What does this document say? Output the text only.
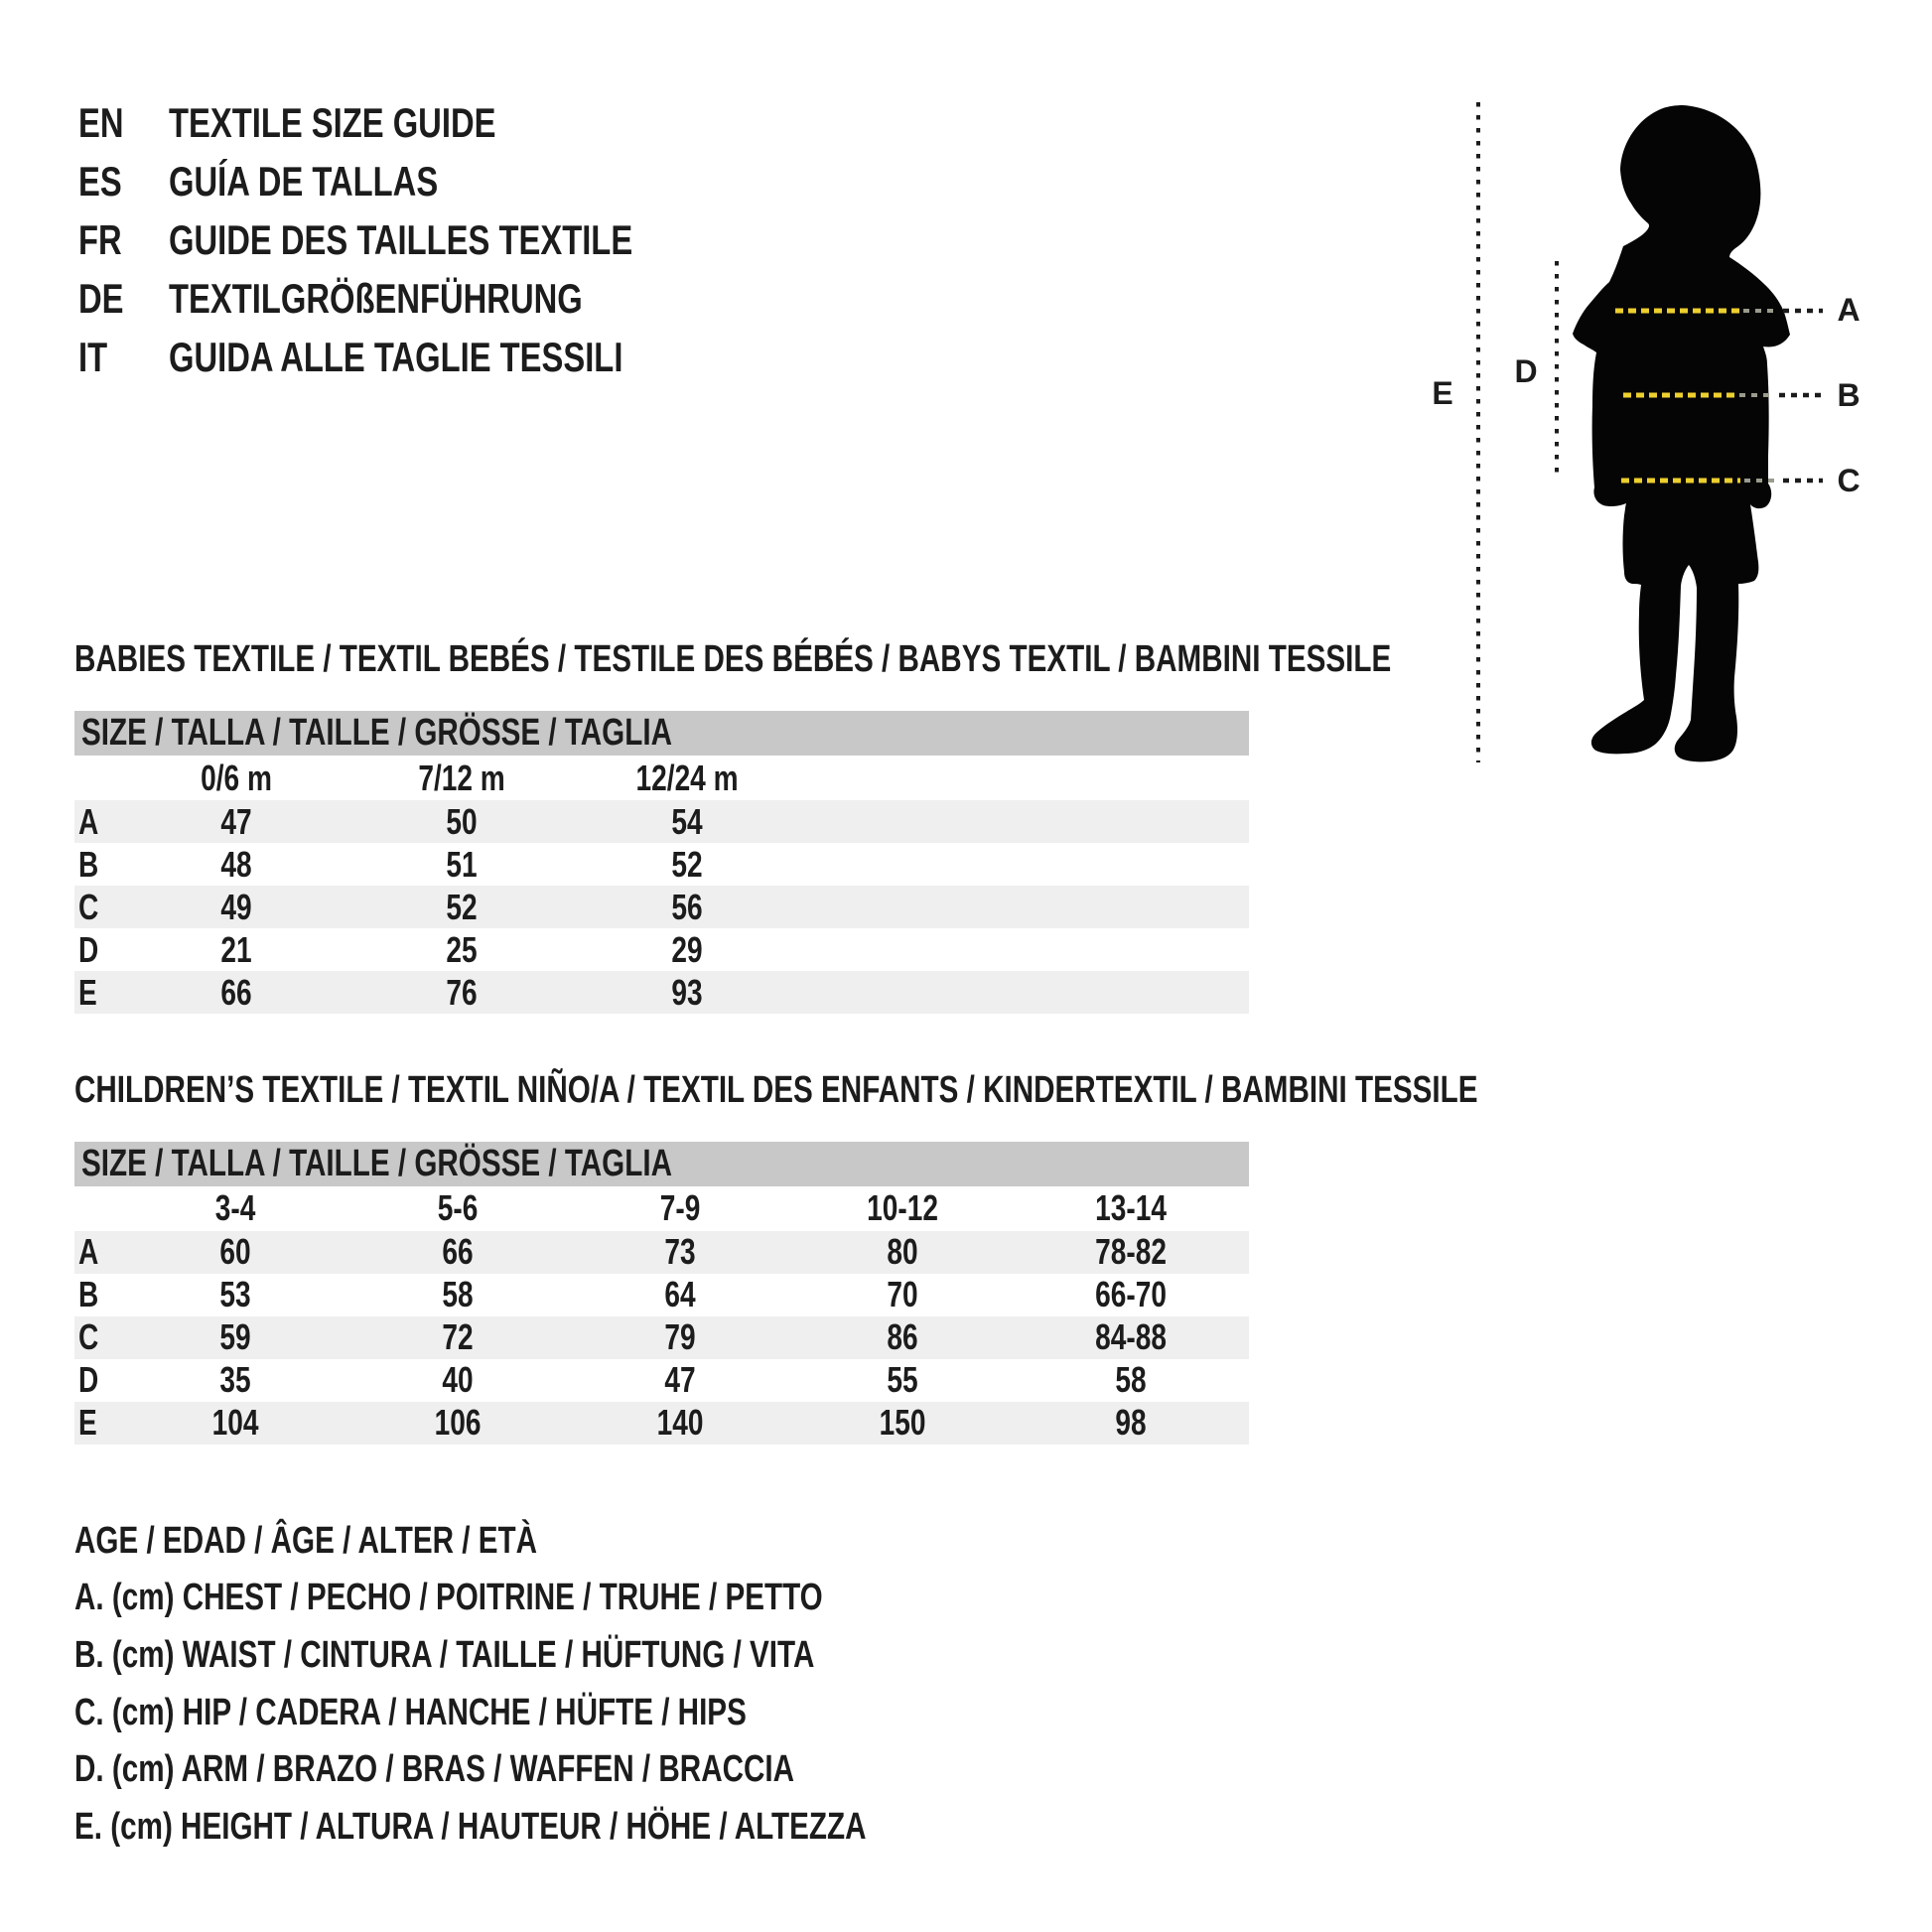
EN	TEXTILE SIZE GUIDE
ES GUÍA DE TALLAS
FR GUIDE DES TAILLES TEXTILE
DE	TEXTILGRÖßENFÜHRUNG
IT GUIDA ALLE TAGLIE TESSILI
A
B
C
D
E
BABIES TEXTILE / TEXTIL BEBÉS / TESTILE DES BÉBÉS / BABYS TEXTIL / BAMBINI TESSILE
SIZE / TALLA / TAILLE / GRÖSSE / TAGLIA
0/6 m	7/12 m	12/24 m
A	47	50	54
B	48	51	52
C	49	52	56
D	21	25	29
E	66	76	93
CHILDREN’S TEXTILE / TEXTIL NIÑO/A / TEXTIL DES ENFANTS / KINDERTEXTIL / BAMBINI TESSILE
SIZE / TALLA / TAILLE / GRÖSSE / TAGLIA
3-4	5-6	7-9	10-12	13-14
A	60	66	73	80	78-82
B	53	58	64	70	66-70
C	59	72	79	86	84-88
D	35	40	47	55	58
E	104	106	140	150	98
AGE / EDAD / ÂGE / ALTER / ETÀ
A. (cm) CHEST / PECHO / POITRINE / TRUHE / PETTO
B. (cm) WAIST / CINTURA / TAILLE / HÜFTUNG / VITA
C. (cm) HIP / CADERA / HANCHE / HÜFTE / HIPS
D. (cm) ARM / BRAZO / BRAS / WAFFEN / BRACCIA
E. (cm) HEIGHT / ALTURA / HAUTEUR / HÖHE / ALTEZZA
